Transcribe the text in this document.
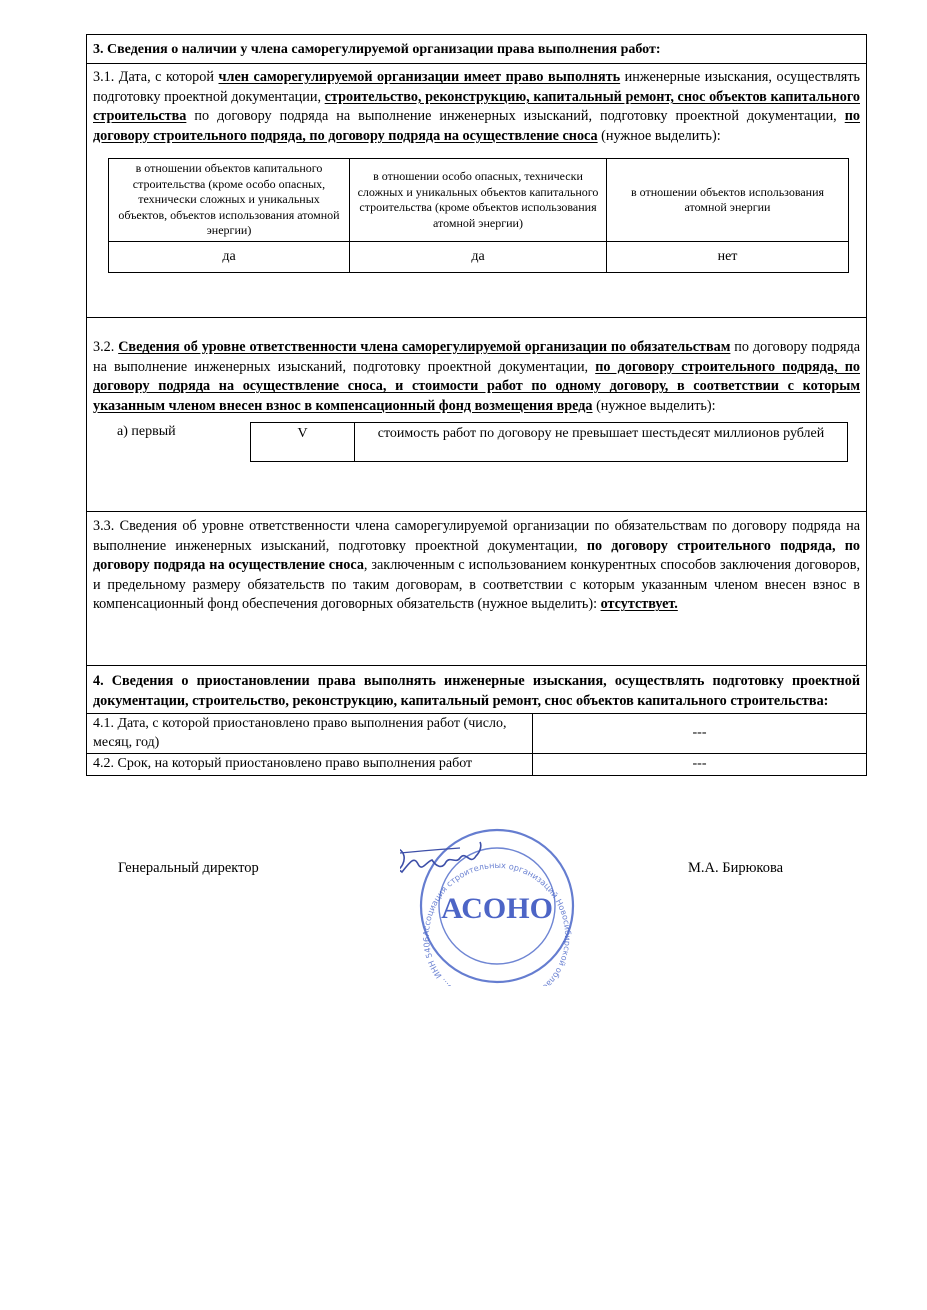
3. Сведения о наличии у члена саморегулируемой организации права выполнения работ:
3.1. Дата, с которой член саморегулируемой организации имеет право выполнять инженерные изыскания, осуществлять подготовку проектной документации, строительство, реконструкцию, капитальный ремонт, снос объектов капитального строительства по договору подряда на выполнение инженерных изысканий, подготовку проектной документации, по договору строительного подряда, по договору подряда на осуществление сноса (нужное выделить):
в отношении объектов капитального строительства (кроме особо опасных, технически сложных и уникальных объектов, объектов использования атомной энергии)	в отношении особо опасных, технически сложных и уникальных объектов капитального строительства (кроме объектов использования атомной энергии)	в отношении объектов использования атомной энергии
да	да	нет
3.2. Сведения об уровне ответственности члена саморегулируемой организации по обязательствам по договору подряда на выполнение инженерных изысканий, подготовку проектной документации, по договору строительного подряда, по договору подряда на осуществление сноса, и стоимости работ по одному договору, в соответствии с которым указанным членом внесен взнос в компенсационный фонд возмещения вреда (нужное выделить):
а) первый	V	стоимость работ по договору не превышает шестьдесят миллионов рублей
3.3. Сведения об уровне ответственности члена саморегулируемой организации по обязательствам по договору подряда на выполнение инженерных изысканий, подготовку проектной документации, по договору строительного подряда, по договору подряда на осуществление сноса, заключенным с использованием конкурентных способов заключения договоров, и предельному размеру обязательств по таким договорам, в соответствии с которым указанным членом внесен взнос в компенсационный фонд обеспечения договорных обязательств (нужное выделить): отсутствует.
4. Сведения о приостановлении права выполнять инженерные изыскания, осуществлять подготовку проектной документации, строительство, реконструкцию, капитальный ремонт, снос объектов капитального строительства:
4.1. Дата, с которой приостановлено право выполнения работ (число, месяц, год)	---
4.2. Срок, на который приостановлено право выполнения работ	---
Генеральный директор	М.А. Бирюкова
Ассоциация строительных организаций Новосибирской обла ... ИНН 5406
АСОНО
